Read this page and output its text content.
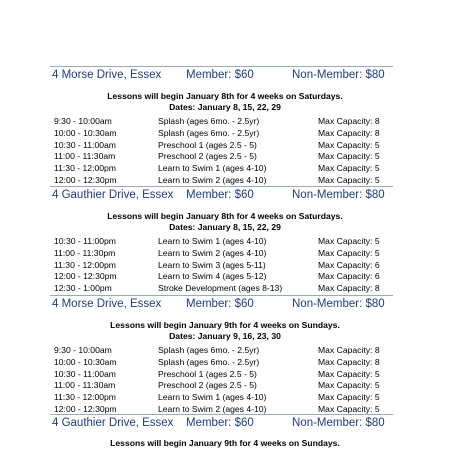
4 Morse Drive, Essex Member: $60	Non-Member: $80
Lessons will begin January 8th for 4 weeks on Saturdays.
Dates: January 8, 15, 22, 29
9:30 - 10:00am	Splash (ages 6mo. - 2.5yr)	Max Capacity: 8
10:00 - 10:30am	Splash (ages 6mo. - 2.5yr)	Max Capacity: 8
10:30 - 11:00am	Preschool 1 (ages 2.5 - 5)	Max Capacity: 5
11:00 - 11:30am	Preschool 2 (ages 2.5 - 5)	Max Capacity: 5
11:30 - 12:00pm	Learn to Swim 1 (ages 4-10)	Max Capacity: 5
12:00 - 12:30pm	Learn to Swim 2 (ages 4-10)	Max Capacity: 5
4 Gauthier Drive, Essex Member: $60	Non-Member: $80
Lessons will begin January 8th for 4 weeks on Saturdays.
Dates: January 8, 15, 22, 29
10:30 - 11:00pm	Learn to Swim 1 (ages 4-10)	Max Capacity: 5
11:00 - 11:30pm	Learn to Swim 2 (ages 4-10)	Max Capacity: 5
11:30 - 12:00pm	Learn to Swim 3 (ages 5-11)	Max Capacity: 6
12:00 - 12:30pm	Learn to Swim 4 (ages 5-12)	Max Capacity: 6
12:30 - 1:00pm	Stroke Development (ages 8-13)	Max Capacity: 8
4 Morse Drive, Essex Member: $60	Non-Member: $80
Lessons will begin January 9th for 4 weeks on Sundays.
Dates: January 9, 16, 23, 30
9:30 - 10:00am	Splash (ages 6mo. - 2.5yr)	Max Capacity: 8
10:00 - 10:30am	Splash (ages 6mo. - 2.5yr)	Max Capacity: 8
10:30 - 11:00am	Preschool 1 (ages 2.5 - 5)	Max Capacity: 5
11:00 - 11:30am	Preschool 2 (ages 2.5 - 5)	Max Capacity: 5
11:30 - 12:00pm	Learn to Swim 1 (ages 4-10)	Max Capacity: 5
12:00 - 12:30pm	Learn to Swim 2 (ages 4-10)	Max Capacity: 5
4 Gauthier Drive, Essex Member: $60	Non-Member: $80
Lessons will begin January 9th for 4 weeks on Sundays.
